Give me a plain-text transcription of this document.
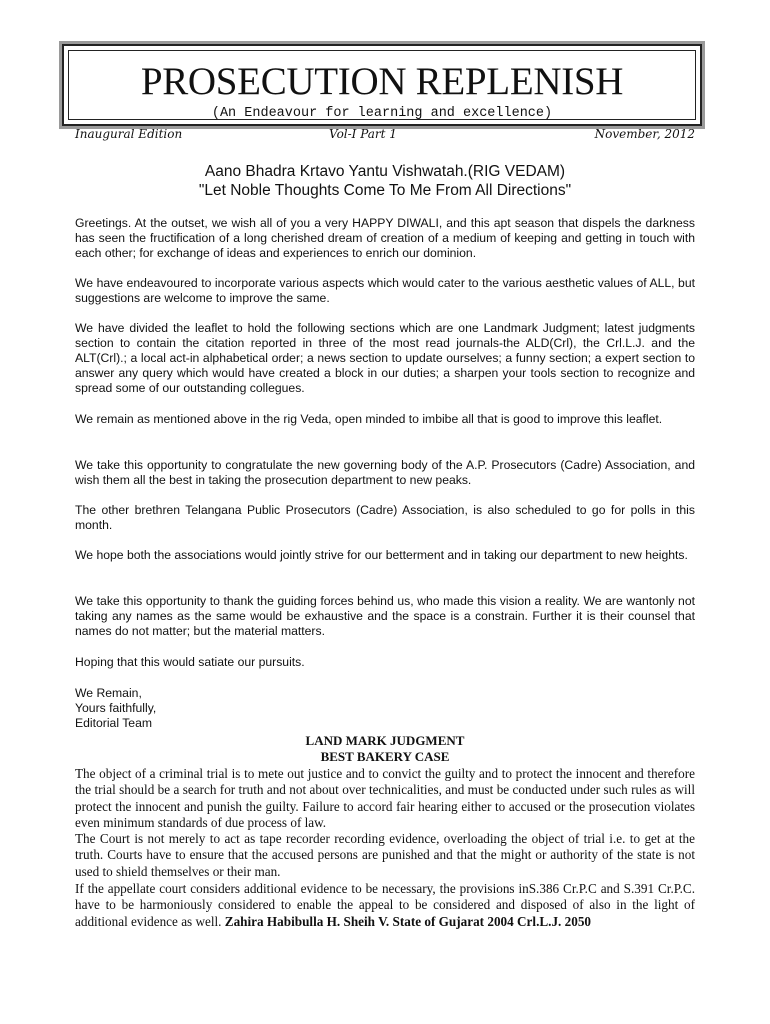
PROSECUTION REPLENISH
(An Endeavour for learning and excellence)
Inaugural Edition	Vol-I Part 1	November, 2012
Aano Bhadra Krtavo Yantu Vishwatah.(RIG VEDAM)
"Let Noble Thoughts Come To Me From All Directions"

Greetings. At the outset, we wish all of you a very HAPPY DIWALI, and this apt season that dispels the darkness has seen the fructification of a long cherished dream of creation of a medium of keeping and getting in touch with each other; for exchange of ideas and experiences to enrich our dominion.

We have endeavoured to incorporate various aspects which would cater to the various aesthetic values of ALL, but suggestions are welcome to improve the same.

We have divided the leaflet to hold the following sections which are one Landmark Judgment; latest judgments section to contain the citation reported in three of the most read journals-the ALD(Crl), the Crl.L.J. and the ALT(Crl).; a local act-in alphabetical order; a news section to update ourselves; a funny section; a expert section to answer any query which would have created a block in our duties; a sharpen your tools section to recognize and spread some of our outstanding collegues.

We remain as mentioned above in the rig Veda, open minded to imbibe all that is good to improve this leaflet.

We take this opportunity to congratulate the new governing body of the A.P. Prosecutors (Cadre) Association, and wish them all the best in taking the prosecution department to new peaks.

The other brethren Telangana Public Prosecutors (Cadre) Association, is also scheduled to go for polls in this month.

We hope both the associations would jointly strive for our betterment and in taking our department to new heights.

We take this opportunity to thank the guiding forces behind us, who made this vision a reality. We are wantonly not taking any names as the same would be exhaustive and the space is a constrain. Further it is their counsel that names do not matter; but the material matters.

Hoping that this would satiate our pursuits.

We Remain,
Yours faithfully,
Editorial Team
LAND MARK JUDGMENT
BEST BAKERY CASE

The object of a criminal trial is to mete out justice and to convict the guilty and to protect the innocent and therefore the trial should be a search for truth and not about over technicalities, and must be conducted under such rules as will protect the innocent and punish the guilty. Failure to accord fair hearing either to accused or the prosecution violates even minimum standards of due process of law.

The Court is not merely to act as tape recorder recording evidence, overloading the object of trial i.e. to get at the truth. Courts have to ensure that the accused persons are punished and that the might or authority of the state is not used to shield themselves or their man.

If the appellate court considers additional evidence to be necessary, the provisions inS.386 Cr.P.C and S.391 Cr.P.C. have to be harmoniously considered to enable the appeal to be considered and disposed of also in the light of additional evidence as well. Zahira Habibulla H. Sheih V. State of Gujarat 2004 Crl.L.J. 2050
